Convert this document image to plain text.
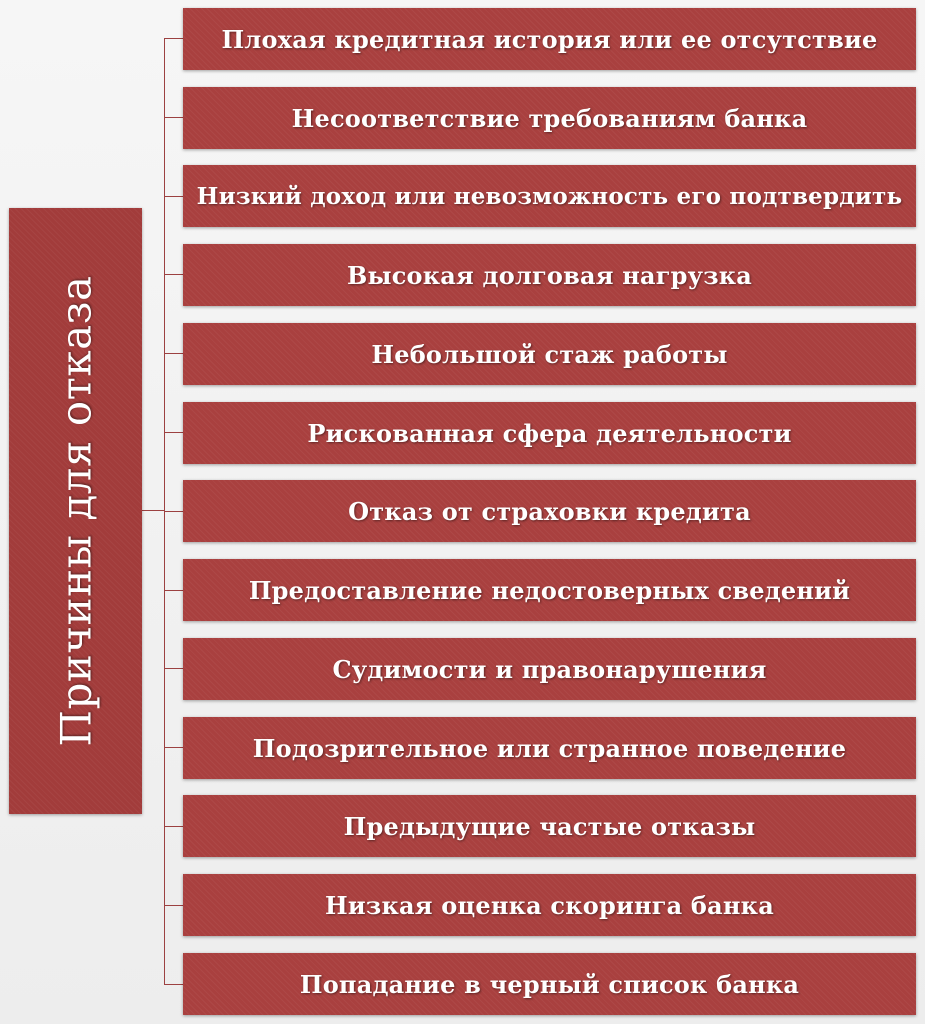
Причины для отказа
Плохая кредитная история или ее отсутствие
Несоответствие требованиям банка
Низкий доход или невозможность его подтвердить
Высокая долговая нагрузка
Небольшой стаж работы
Рискованная сфера деятельности
Отказ от страховки кредита
Предоставление недостоверных сведений
Судимости и правонарушения
Подозрительное или странное поведение
Предыдущие частые отказы
Низкая оценка скоринга банка
Попадание в черный список банка
